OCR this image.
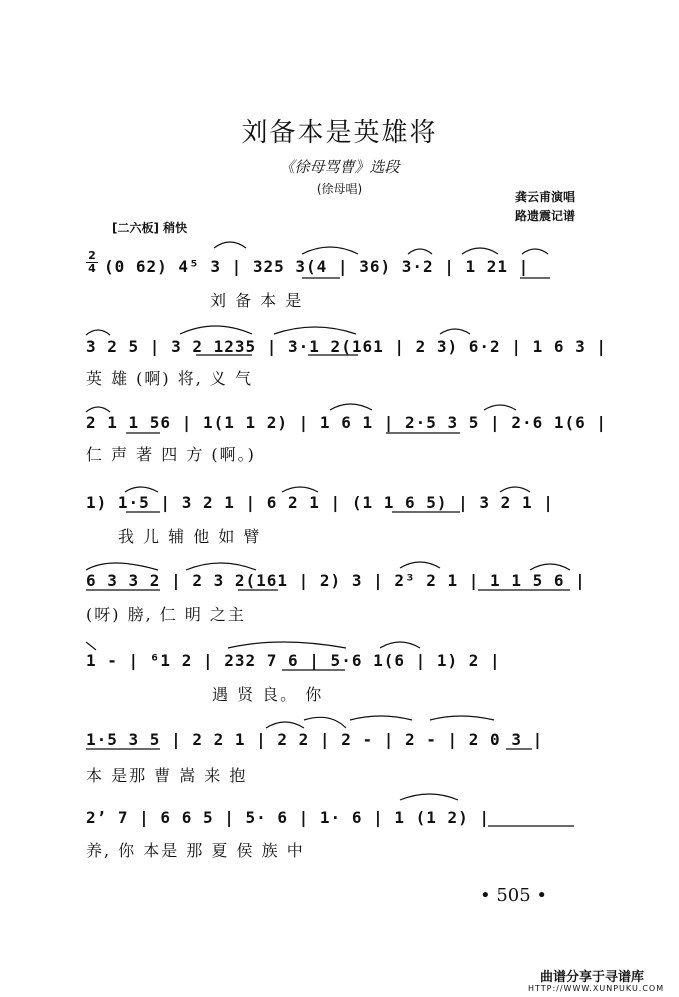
刘备本是英雄将
《徐母骂曹》选段
(徐母唱)
龚云甫演唱
路遗震记谱
[二六板] 稍快
2
4 (0 62) 4⁵ 3 | 325 3(4 | 36) 3·2 | 1 21 |
刘 备 本 是
3 2 5 | 3 2 1235 | 3·1 2(161 | 2 3) 6·2 | 1 6 3 |
英 雄 (啊) 将, 义 气
2 1 1 56 | 1(1 1 2) | 1 6 1 | 2·5 3 5 | 2·6 1(6 |
仁 声 著 四 方 (啊。)
1) 1·5 | 3 2 1 | 6 2 1 | (1 1 6 5) | 3 2 1 |
我 儿 辅 他 如 臂
6 3 3 2 | 2 3 2(161 | 2) 3 | 2³ 2 1 | 1 1 5 6 |
(呀) 膀, 仁 明 之主
1 - | ⁶1 2 | 232 7 6 | 5·6 1(6 | 1) 2 |
遇 贤 良。 你
1·5 3 5 | 2 2 1 | 2 2 | 2 - | 2 - | 2 0 3 |
本 是那 曹 嵩 来 抱
2’ 7 | 6 6 5 | 5· 6 | 1· 6 | 1 (1 2) |
养, 你 本是 那 夏 侯 族 中
• 505 •
曲谱分享于寻谱库
HTTP://WWW.XUNPUKU.COM
